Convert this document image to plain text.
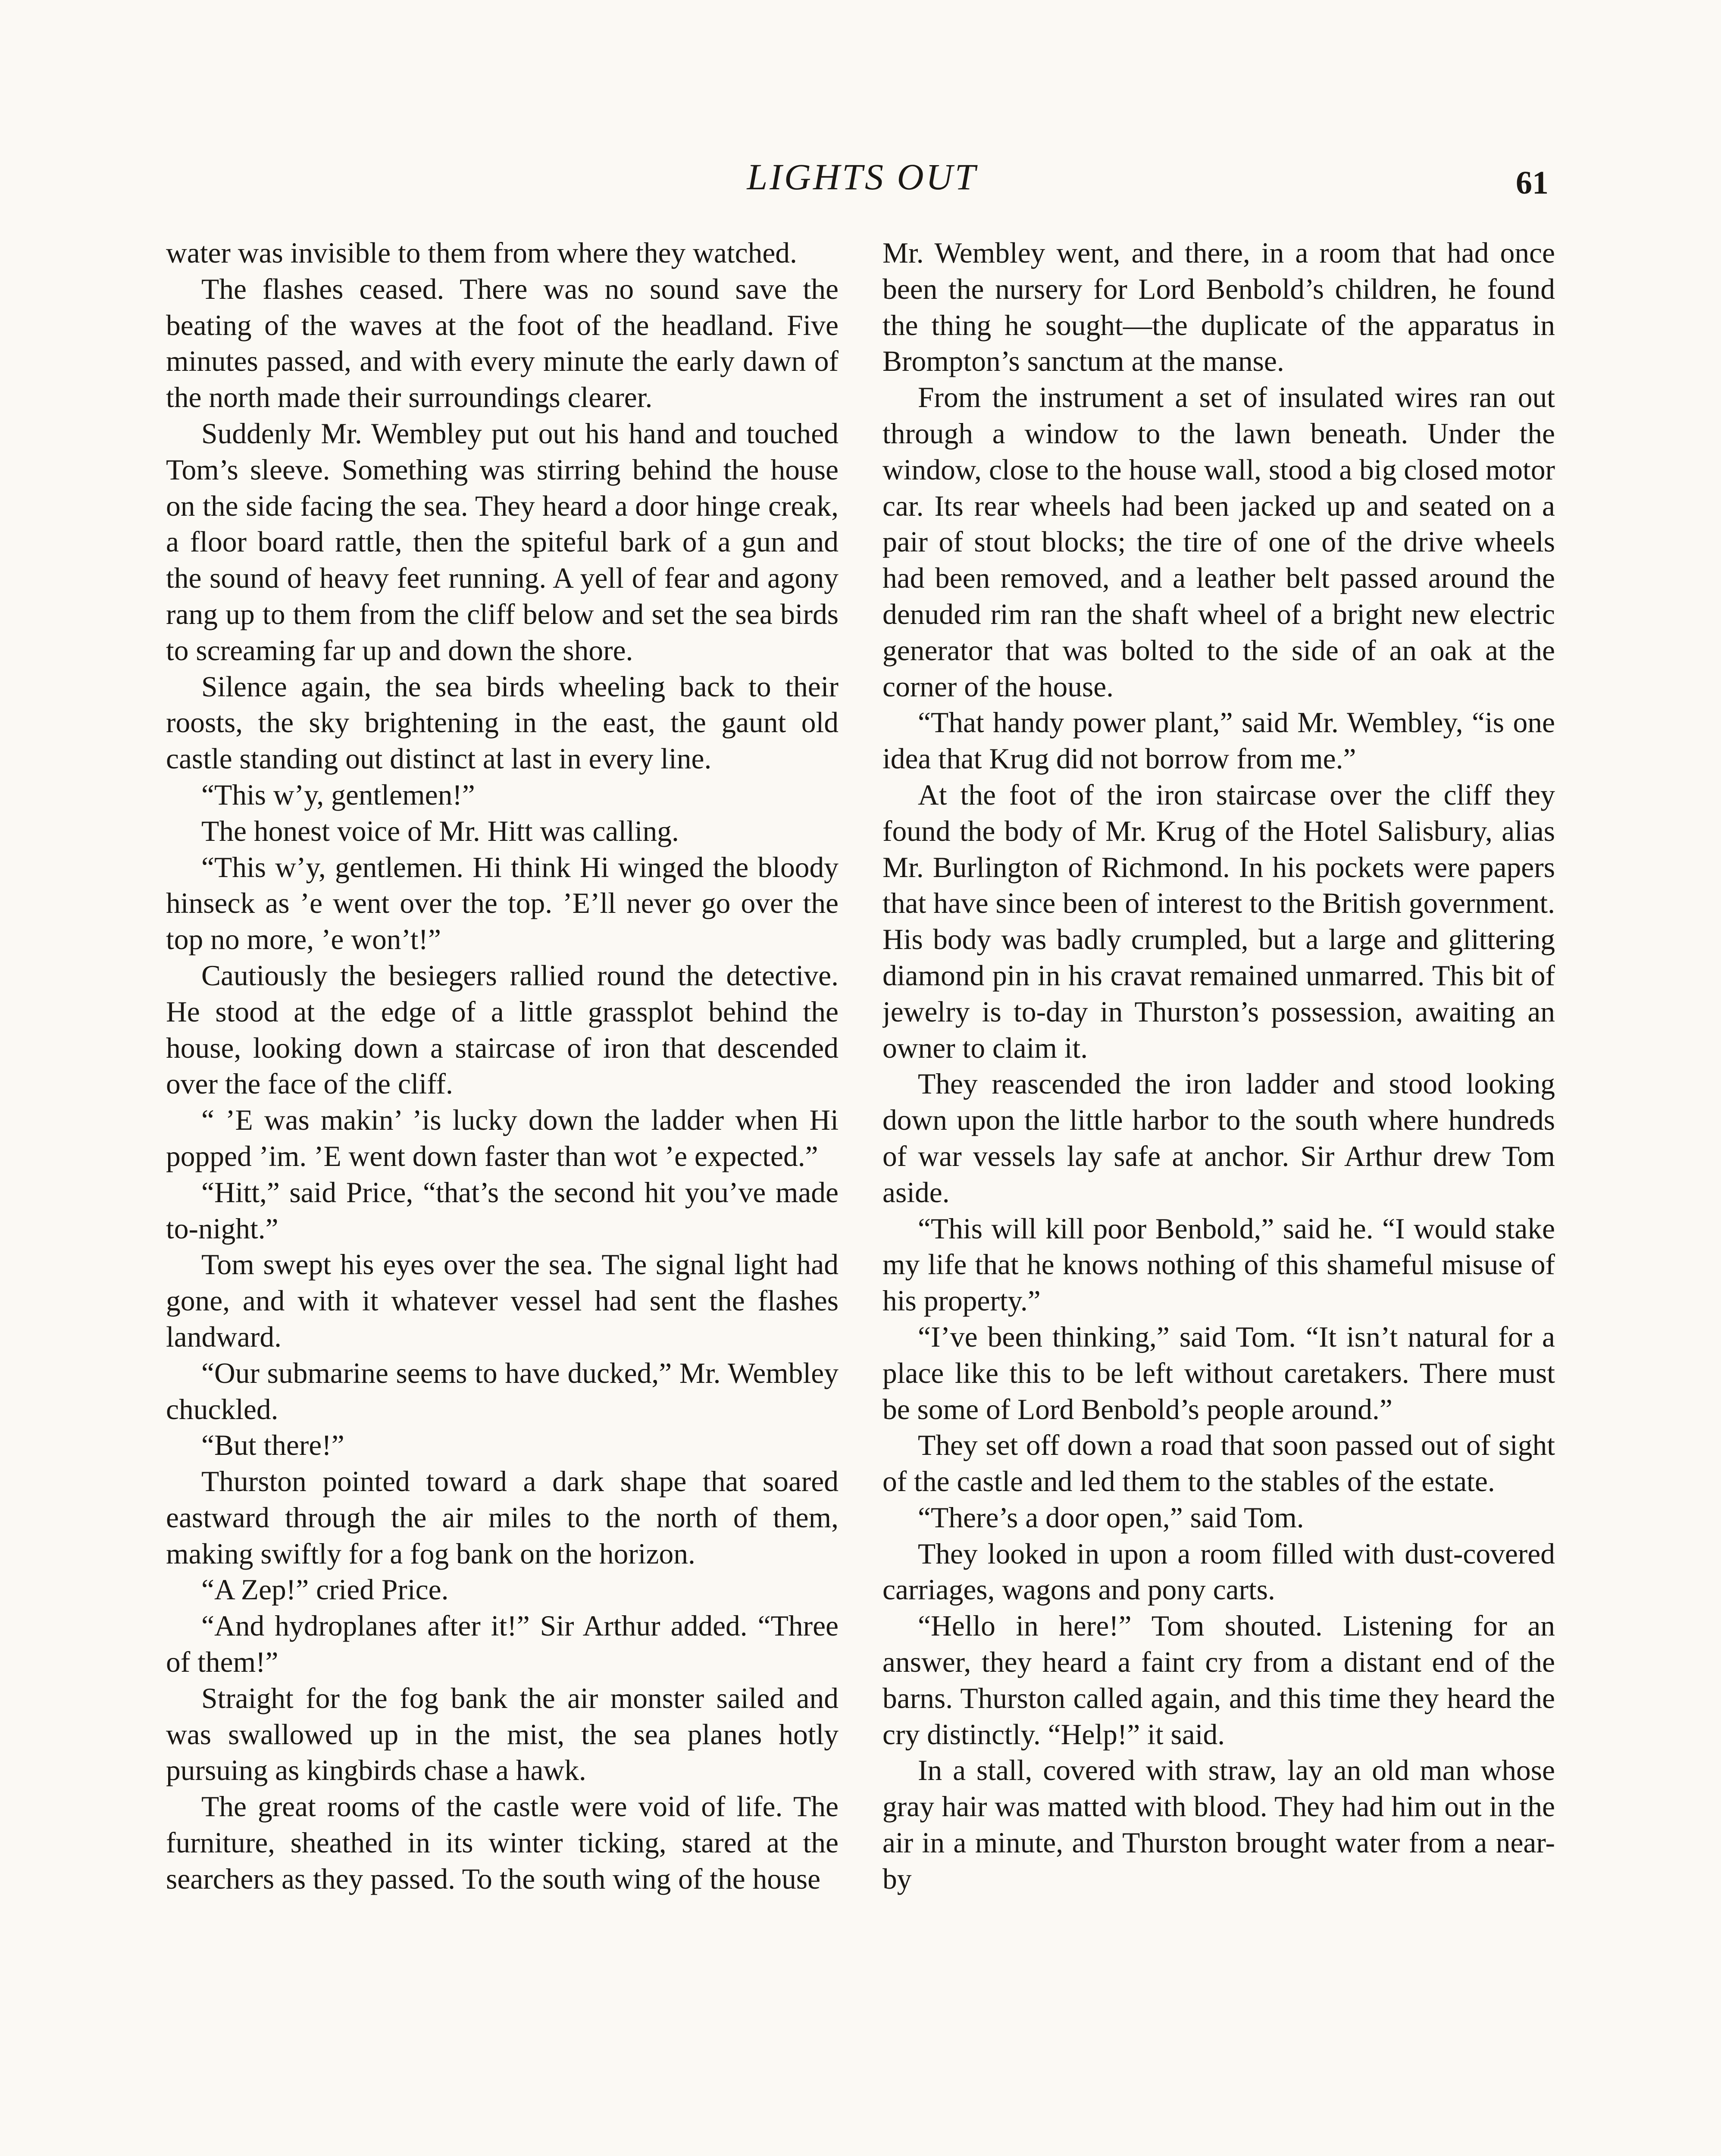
LIGHTS OUT	61

water was invisible to them from where they watched.

The flashes ceased. There was no sound save the beating of the waves at the foot of the headland. Five minutes passed, and with every minute the early dawn of the north made their surroundings clearer.

Suddenly Mr. Wembley put out his hand and touched Tom’s sleeve. Something was stirring behind the house on the side facing the sea. They heard a door hinge creak, a floor board rattle, then the spiteful bark of a gun and the sound of heavy feet running. A yell of fear and agony rang up to them from the cliff below and set the sea birds to screaming far up and down the shore.

Silence again, the sea birds wheeling back to their roosts, the sky brightening in the east, the gaunt old castle standing out distinct at last in every line.

“This w’y, gentlemen!”

The honest voice of Mr. Hitt was calling.

“This w’y, gentlemen. Hi think Hi winged the bloody hinseck as ’e went over the top. ’E’ll never go over the top no more, ’e won’t!”

Cautiously the besiegers rallied round the detective. He stood at the edge of a little grassplot behind the house, looking down a staircase of iron that descended over the face of the cliff.

“ ’E was makin’ ’is lucky down the ladder when Hi popped ’im. ’E went down faster than wot ’e expected.”

“Hitt,” said Price, “that’s the second hit you’ve made to-night.”

Tom swept his eyes over the sea. The signal light had gone, and with it whatever vessel had sent the flashes landward.

“Our submarine seems to have ducked,” Mr. Wembley chuckled.

“But there!”

Thurston pointed toward a dark shape that soared eastward through the air miles to the north of them, making swiftly for a fog bank on the horizon.

“A Zep!” cried Price.

“And hydroplanes after it!” Sir Arthur added. “Three of them!”

Straight for the fog bank the air monster sailed and was swallowed up in the mist, the sea planes hotly pursuing as kingbirds chase a hawk.

The great rooms of the castle were void of life. The furniture, sheathed in its winter ticking, stared at the searchers as they passed. To the south wing of the house

Mr. Wembley went, and there, in a room that had once been the nursery for Lord Benbold’s children, he found the thing he sought—the duplicate of the apparatus in Brompton’s sanctum at the manse.

From the instrument a set of insulated wires ran out through a window to the lawn beneath. Under the window, close to the house wall, stood a big closed motor car. Its rear wheels had been jacked up and seated on a pair of stout blocks; the tire of one of the drive wheels had been removed, and a leather belt passed around the denuded rim ran the shaft wheel of a bright new electric generator that was bolted to the side of an oak at the corner of the house.

“That handy power plant,” said Mr. Wembley, “is one idea that Krug did not borrow from me.”

At the foot of the iron staircase over the cliff they found the body of Mr. Krug of the Hotel Salisbury, alias Mr. Burlington of Richmond. In his pockets were papers that have since been of interest to the British government. His body was badly crumpled, but a large and glittering diamond pin in his cravat remained unmarred. This bit of jewelry is to-day in Thurston’s possession, awaiting an owner to claim it.

They reascended the iron ladder and stood looking down upon the little harbor to the south where hundreds of war vessels lay safe at anchor. Sir Arthur drew Tom aside.

“This will kill poor Benbold,” said he. “I would stake my life that he knows nothing of this shameful misuse of his property.”

“I’ve been thinking,” said Tom. “It isn’t natural for a place like this to be left without caretakers. There must be some of Lord Benbold’s people around.”

They set off down a road that soon passed out of sight of the castle and led them to the stables of the estate.

“There’s a door open,” said Tom.

They looked in upon a room filled with dust-covered carriages, wagons and pony carts.

“Hello in here!” Tom shouted. Listening for an answer, they heard a faint cry from a distant end of the barns. Thurston called again, and this time they heard the cry distinctly. “Help!” it said.

In a stall, covered with straw, lay an old man whose gray hair was matted with blood. They had him out in the air in a minute, and Thurston brought water from a near-by
